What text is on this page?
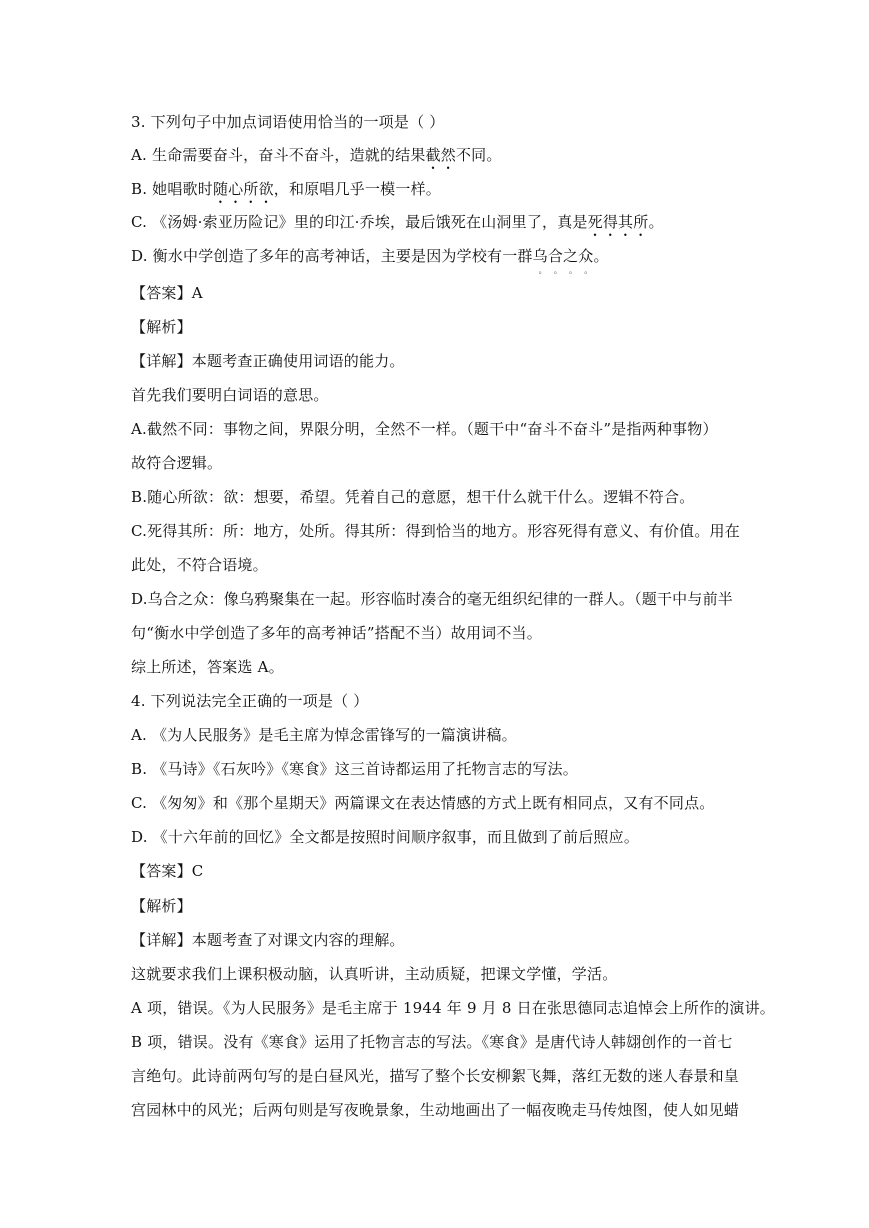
3. 下列句子中加点词语使用恰当的一项是（ ）
A. 生命需要奋斗，奋斗不奋斗，造就的结果截然不同。
B. 她唱歌时随心所欲，和原唱几乎一模一样。
C. 《汤姆·索亚历险记》里的印江·乔埃，最后饿死在山洞里了，真是死得其所。
D. 衡水中学创造了多年的高考神话，主要是因为学校有一群乌合之众。
【答案】A
【解析】
【详解】本题考查正确使用词语的能力。
首先我们要明白词语的意思。
A.截然不同：事物之间，界限分明，全然不一样。（题干中“奋斗不奋斗”是指两种事物）
故符合逻辑。
B.随心所欲：欲：想要，希望。凭着自己的意愿，想干什么就干什么。逻辑不符合。
C.死得其所：所：地方，处所。得其所：得到恰当的地方。形容死得有意义、有价值。用在
此处，不符合语境。
D.乌合之众：像乌鸦聚集在一起。形容临时凑合的毫无组织纪律的一群人。（题干中与前半
句“衡水中学创造了多年的高考神话”搭配不当）故用词不当。
综上所述，答案选 A。
4. 下列说法完全正确的一项是（ ）
A. 《为人民服务》是毛主席为悼念雷锋写的一篇演讲稿。
B. 《马诗》《石灰吟》《寒食》这三首诗都运用了托物言志的写法。
C. 《匆匆》和《那个星期天》两篇课文在表达情感的方式上既有相同点，又有不同点。
D. 《十六年前的回忆》全文都是按照时间顺序叙事，而且做到了前后照应。
【答案】C
【解析】
【详解】本题考查了对课文内容的理解。
这就要求我们上课积极动脑，认真听讲，主动质疑，把课文学懂，学活。
A 项，错误。《为人民服务》是毛主席于 1944 年 9 月 8 日在张思德同志追悼会上所作的演讲。
B 项，错误。没有《寒食》运用了托物言志的写法。《寒食》是唐代诗人韩翃创作的一首七
言绝句。此诗前两句写的是白昼风光，描写了整个长安柳絮飞舞，落红无数的迷人春景和皇
宫园林中的风光；后两句则是写夜晚景象，生动地画出了一幅夜晚走马传烛图，使人如见蜡
